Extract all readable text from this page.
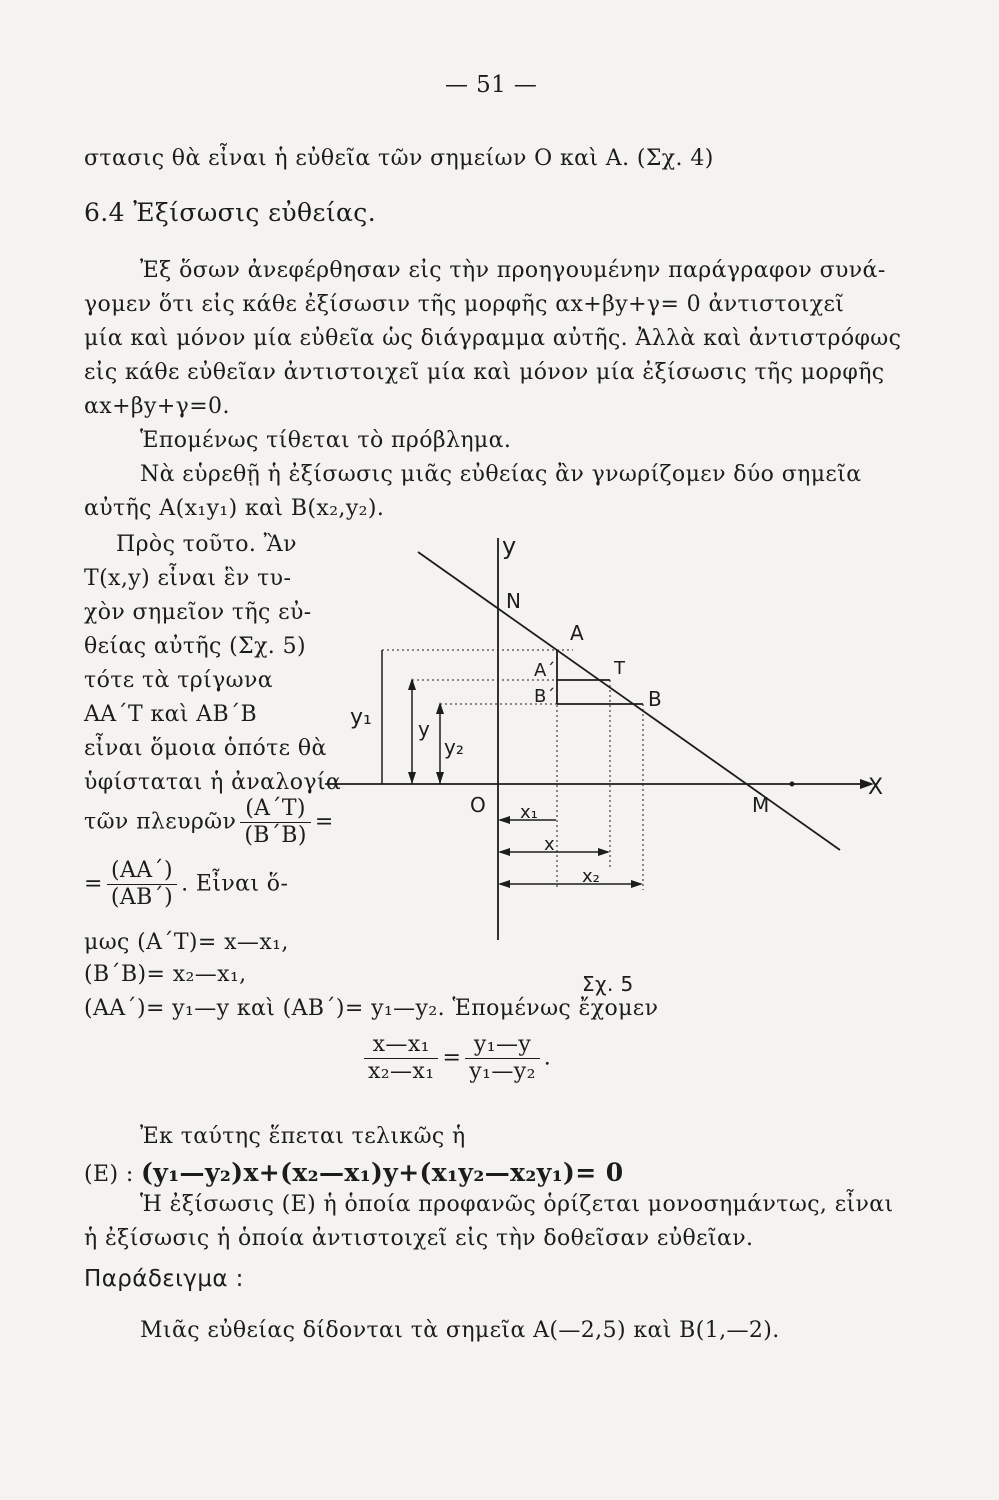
— 51 —
στασις θὰ εἶναι ἡ εὐθεῖα τῶν σημείων Ο καὶ Α. (Σχ. 4)
6.4 Ἐξίσωσις εὐθείας.
Ἐξ ὅσων ἀνεφέρθησαν εἰς τὴν προηγουμένην παράγραφον συνά-
γομεν ὅτι εἰς κάθε ἐξίσωσιν τῆς μορφῆς αx+βy+γ= 0 ἀντιστοιχεῖ
μία καὶ μόνον μία εὐθεῖα ὡς διάγραμμα αὐτῆς. Ἀλλὰ καὶ ἀντιστρόφως
εἰς κάθε εὐθεῖαν ἀντιστοιχεῖ μία καὶ μόνον μία ἐξίσωσις τῆς μορφῆς
αx+βy+γ=0.
Ἑπομένως τίθεται τὸ πρόβλημα.
Νὰ εὑρεθῇ ἡ ἐξίσωσις μιᾶς εὐθείας ἂν γνωρίζομεν δύο σημεῖα
αὐτῆς A(x₁y₁) καὶ B(x₂,y₂).
Πρὸς τοῦτο. Ἂν
T(x,y) εἶναι ἓν τυ-
χὸν σημεῖον τῆς εὐ-
θείας αὐτῆς (Σχ. 5)
τότε τὰ τρίγωνα
AA΄T καὶ AB΄B
εἶναι ὅμοια ὁπότε θὰ
ὑφίσταται ἡ ἀναλογία
τῶν πλευρῶν $\frac{(A΄T)}{(B΄B)}$ =
= $\frac{(AA΄)}{(AB΄)}$ . Εἶναι ὅ-
μως (A΄T)= x—x₁,
(B΄B)= x₂—x₁,
(AA΄)= y₁—y καὶ (AB΄)= y₁—y₂. Ἑπομένως ἔχομεν
$\frac{\text{x—x₁}}{\text{x₂—x₁}} = \frac{\text{y₁—y}}{\text{y₁—y₂}}$ .
Ἐκ ταύτης ἕπεται τελικῶς ἡ
(E) : (y₁—y₂)x+(x₂—x₁)y+(x₁y₂—x₂y₁)= 0
Ἡ ἐξίσωσις (E) ἡ ὁποία προφανῶς ὁρίζεται μονοσημάντως, εἶναι
ἡ ἐξίσωσις ἡ ὁποία ἀντιστοιχεῖ εἰς τὴν δοθεῖσαν εὐθεῖαν.
Παράδειγμα :
Μιᾶς εὐθείας δίδονται τὰ σημεῖα A(—2,5) καὶ B(1,—2).
y
X
O
N
A
A΄	T
B΄	B
M
y₁ y
y₂
x₁
x
x₂
Σχ. 5
